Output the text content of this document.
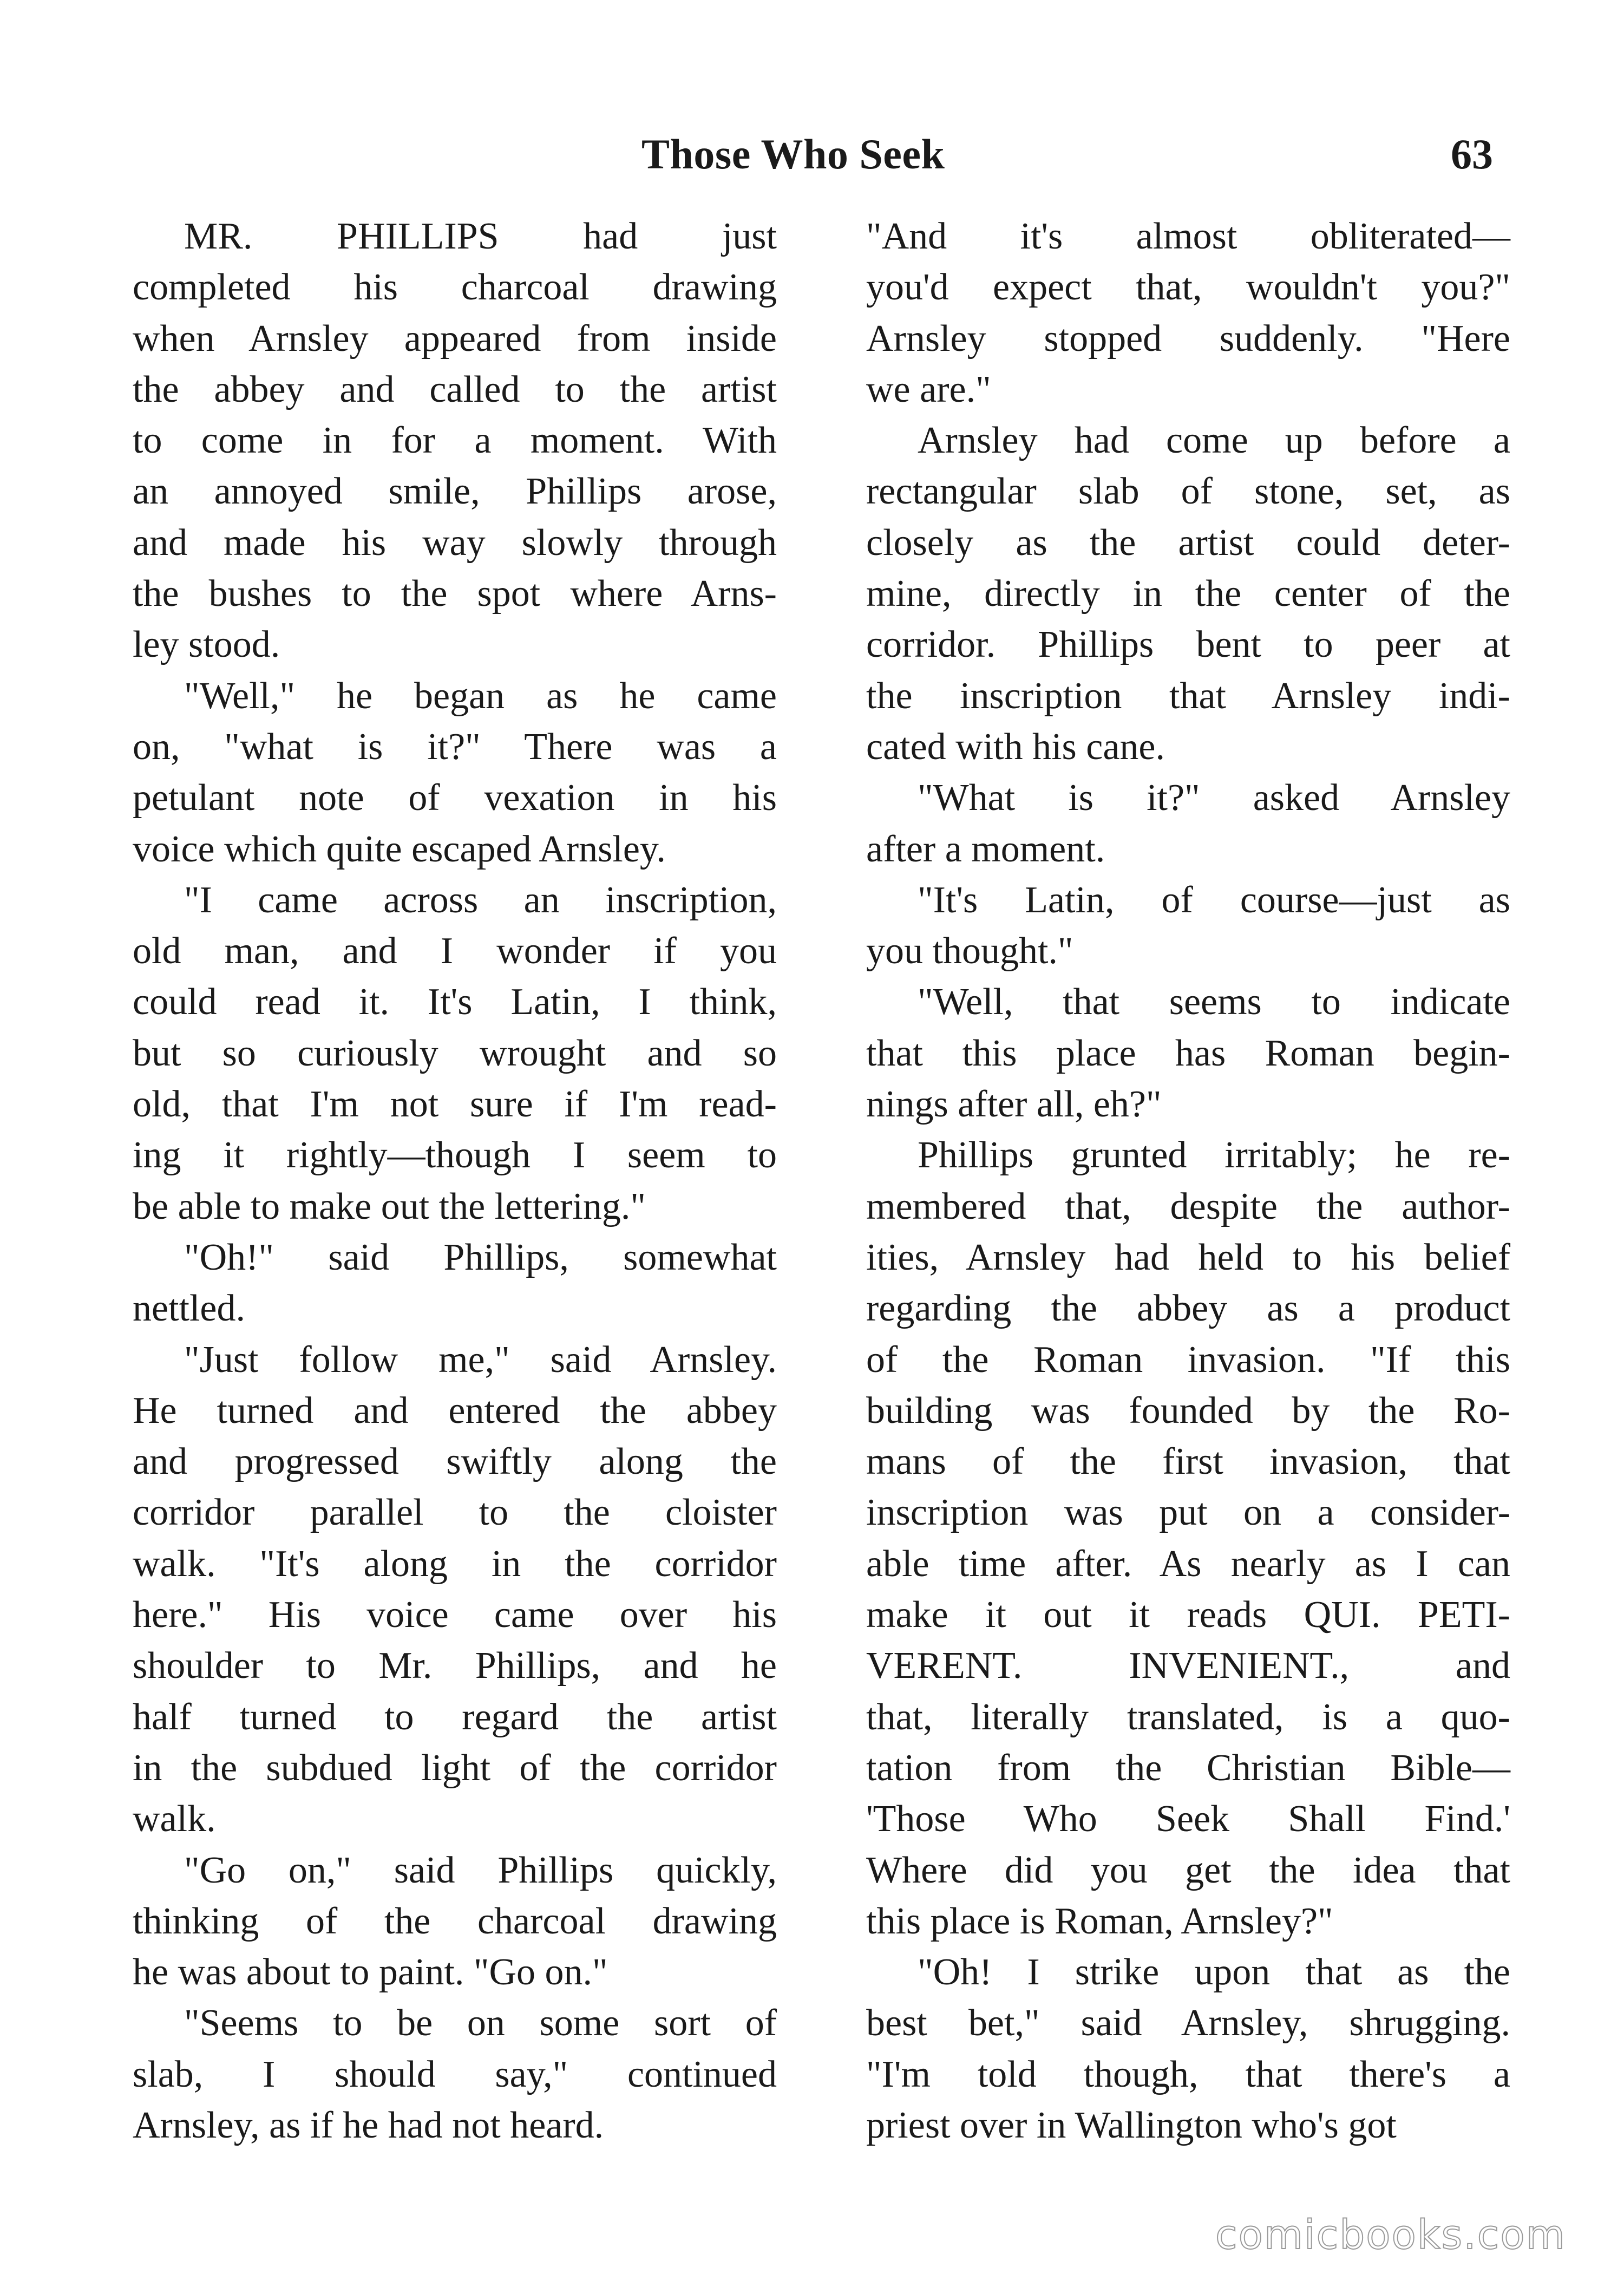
Those Who Seek	63

MR. PHILLIPS had just
completed his charcoal drawing
when Arnsley appeared from inside
the abbey and called to the artist
to come in for a moment. With
an annoyed smile, Phillips arose,
and made his way slowly through
the bushes to the spot where Arns-
ley stood.

"Well," he began as he came
on, "what is it?" There was a
petulant note of vexation in his
voice which quite escaped Arnsley.

"I came across an inscription,
old man, and I wonder if you
could read it. It's Latin, I think,
but so curiously wrought and so
old, that I'm not sure if I'm read-
ing it rightly—though I seem to
be able to make out the lettering."

"Oh!" said Phillips, somewhat
nettled.

"Just follow me," said Arnsley.
He turned and entered the abbey
and progressed swiftly along the
corridor parallel to the cloister
walk. "It's along in the corridor
here." His voice came over his
shoulder to Mr. Phillips, and he
half turned to regard the artist
in the subdued light of the corridor
walk.

"Go on," said Phillips quickly,
thinking of the charcoal drawing
he was about to paint. "Go on."

"Seems to be on some sort of
slab, I should say," continued
Arnsley, as if he had not heard.

"And it's almost obliterated—
you'd expect that, wouldn't you?"
Arnsley stopped suddenly. "Here
we are."

Arnsley had come up before a
rectangular slab of stone, set, as
closely as the artist could deter-
mine, directly in the center of the
corridor. Phillips bent to peer at
the inscription that Arnsley indi-
cated with his cane.

"What is it?" asked Arnsley
after a moment.

"It's Latin, of course—just as
you thought."

"Well, that seems to indicate
that this place has Roman begin-
nings after all, eh?"

Phillips grunted irritably; he re-
membered that, despite the author-
ities, Arnsley had held to his belief
regarding the abbey as a product
of the Roman invasion. "If this
building was founded by the Ro-
mans of the first invasion, that
inscription was put on a consider-
able time after. As nearly as I can
make it out it reads QUI. PETI-
VERENT. INVENIENT., and
that, literally translated, is a quo-
tation from the Christian Bible—
'Those Who Seek Shall Find.'
Where did you get the idea that
this place is Roman, Arnsley?"

"Oh! I strike upon that as the
best bet," said Arnsley, shrugging.
"I'm told though, that there's a
priest over in Wallington who's got

comicbooks.com
